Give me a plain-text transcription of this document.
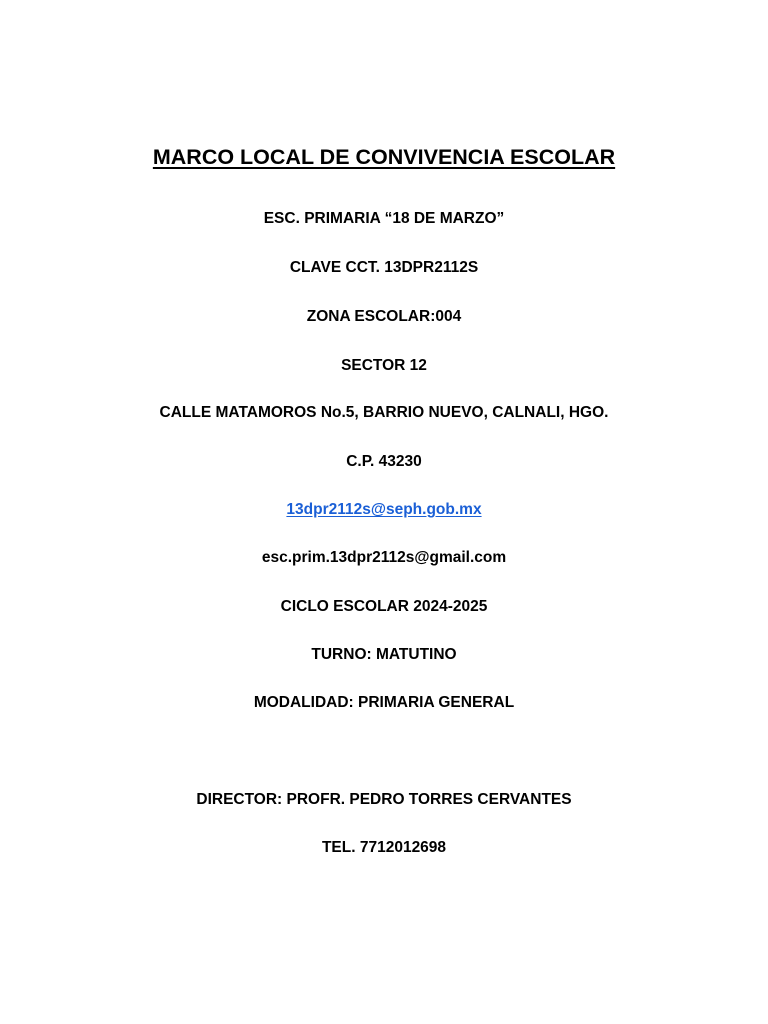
MARCO LOCAL DE CONVIVENCIA ESCOLAR
ESC. PRIMARIA “18 DE MARZO”
CLAVE CCT. 13DPR2112S
ZONA ESCOLAR:004
SECTOR 12
CALLE MATAMOROS No.5, BARRIO NUEVO, CALNALI, HGO.
C.P. 43230
13dpr2112s@seph.gob.mx
esc.prim.13dpr2112s@gmail.com
CICLO ESCOLAR 2024-2025
TURNO: MATUTINO
MODALIDAD: PRIMARIA GENERAL
DIRECTOR: PROFR. PEDRO TORRES CERVANTES
TEL. 7712012698
